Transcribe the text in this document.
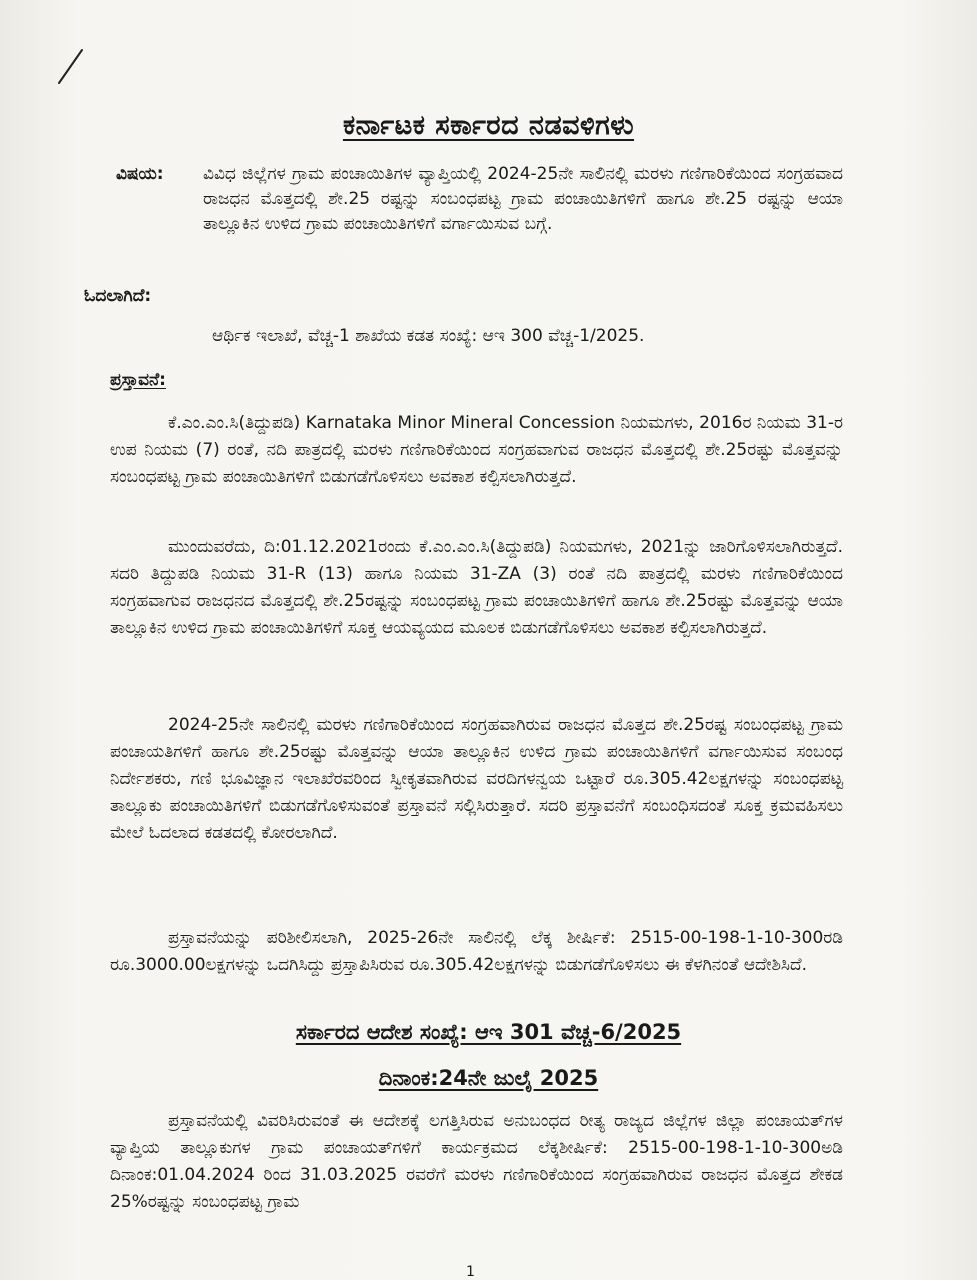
ಕರ್ನಾಟಕ ಸರ್ಕಾರದ ನಡವಳಿಗಳು
ವಿಷಯ: ವಿವಿಧ ಜಿಲ್ಲೆಗಳ ಗ್ರಾಮ ಪಂಚಾಯಿತಿಗಳ ವ್ಯಾಪ್ತಿಯಲ್ಲಿ 2024-25ನೇ ಸಾಲಿನಲ್ಲಿ ಮರಳು ಗಣಿಗಾರಿಕೆಯಿಂದ ಸಂಗ್ರಹವಾದ ರಾಜಧನ ಮೊತ್ತದಲ್ಲಿ ಶೇ.25 ರಷ್ಟನ್ನು ಸಂಬಂಧಪಟ್ಟ ಗ್ರಾಮ ಪಂಚಾಯಿತಿಗಳಿಗೆ ಹಾಗೂ ಶೇ.25 ರಷ್ಟನ್ನು ಆಯಾ ತಾಲ್ಲೂಕಿನ ಉಳಿದ ಗ್ರಾಮ ಪಂಚಾಯಿತಿಗಳಿಗೆ ವರ್ಗಾಯಿಸುವ ಬಗ್ಗೆ.
ಓದಲಾಗಿದೆ:
ಆರ್ಥಿಕ ಇಲಾಖೆ, ವೆಚ್ಚ-1 ಶಾಖೆಯ ಕಡತ ಸಂಖ್ಯೆ: ಆಇ 300 ವೆಚ್ಚ-1/2025.
ಪ್ರಸ್ತಾವನೆ:
ಕೆ.ಎಂ.ಎಂ.ಸಿ(ತಿದ್ದುಪಡಿ) Karnataka Minor Mineral Concession ನಿಯಮಗಳು, 2016ರ ನಿಯಮ 31-ರ ಉಪ ನಿಯಮ (7) ರಂತೆ, ನದಿ ಪಾತ್ರದಲ್ಲಿ ಮರಳು ಗಣಿಗಾರಿಕೆಯಿಂದ ಸಂಗ್ರಹವಾಗುವ ರಾಜಧನ ಮೊತ್ತದಲ್ಲಿ ಶೇ.25ರಷ್ಟು ಮೊತ್ತವನ್ನು ಸಂಬಂಧಪಟ್ಟ ಗ್ರಾಮ ಪಂಚಾಯಿತಿಗಳಿಗೆ ಬಿಡುಗಡೆಗೊಳಿಸಲು ಅವಕಾಶ ಕಲ್ಪಿಸಲಾಗಿರುತ್ತದೆ.
ಮುಂದುವರೆದು, ದಿ:01.12.2021ರಂದು ಕೆ.ಎಂ.ಎಂ.ಸಿ(ತಿದ್ದುಪಡಿ) ನಿಯಮಗಳು, 2021ನ್ನು ಜಾರಿಗೊಳಿಸಲಾಗಿರುತ್ತದೆ. ಸದರಿ ತಿದ್ದುಪಡಿ ನಿಯಮ 31-R (13) ಹಾಗೂ ನಿಯಮ 31-ZA (3) ರಂತೆ ನದಿ ಪಾತ್ರದಲ್ಲಿ ಮರಳು ಗಣಿಗಾರಿಕೆಯಿಂದ ಸಂಗ್ರಹವಾಗುವ ರಾಜಧನದ ಮೊತ್ತದಲ್ಲಿ ಶೇ.25ರಷ್ಟನ್ನು ಸಂಬಂಧಪಟ್ಟ ಗ್ರಾಮ ಪಂಚಾಯಿತಿಗಳಿಗೆ ಹಾಗೂ ಶೇ.25ರಷ್ಟು ಮೊತ್ತವನ್ನು ಆಯಾ ತಾಲ್ಲೂಕಿನ ಉಳಿದ ಗ್ರಾಮ ಪಂಚಾಯಿತಿಗಳಿಗೆ ಸೂಕ್ತ ಆಯವ್ಯಯದ ಮೂಲಕ ಬಿಡುಗಡೆಗೊಳಿಸಲು ಅವಕಾಶ ಕಲ್ಪಿಸಲಾಗಿರುತ್ತದೆ.
2024-25ನೇ ಸಾಲಿನಲ್ಲಿ ಮರಳು ಗಣಿಗಾರಿಕೆಯಿಂದ ಸಂಗ್ರಹವಾಗಿರುವ ರಾಜಧನ ಮೊತ್ತದ ಶೇ.25ರಷ್ಟ ಸಂಬಂಧಪಟ್ಟ ಗ್ರಾಮ ಪಂಚಾಯತಿಗಳಿಗೆ ಹಾಗೂ ಶೇ.25ರಷ್ಟು ಮೊತ್ತವನ್ನು ಆಯಾ ತಾಲ್ಲೂಕಿನ ಉಳಿದ ಗ್ರಾಮ ಪಂಚಾಯಿತಿಗಳಿಗೆ ವರ್ಗಾಯಿಸುವ ಸಂಬಂಧ ನಿರ್ದೇಶಕರು, ಗಣಿ ಭೂವಿಜ್ಞಾನ ಇಲಾಖೆರವರಿಂದ ಸ್ವೀಕೃತವಾಗಿರುವ ವರದಿಗಳನ್ವಯ ಒಟ್ಟಾರೆ ರೂ.305.42ಲಕ್ಷಗಳನ್ನು ಸಂಬಂಧಪಟ್ಟ ತಾಲ್ಲೂಕು ಪಂಚಾಯಿತಿಗಳಿಗೆ ಬಿಡುಗಡೆಗೊಳಿಸುವಂತೆ ಪ್ರಸ್ತಾವನೆ ಸಲ್ಲಿಸಿರುತ್ತಾರೆ. ಸದರಿ ಪ್ರಸ್ತಾವನೆಗೆ ಸಂಬಂಧಿಸದಂತೆ ಸೂಕ್ತ ಕ್ರಮವಹಿಸಲು ಮೇಲೆ ಓದಲಾದ ಕಡತದಲ್ಲಿ ಕೋರಲಾಗಿದೆ.
ಪ್ರಸ್ತಾವನೆಯನ್ನು ಪರಿಶೀಲಿಸಲಾಗಿ, 2025-26ನೇ ಸಾಲಿನಲ್ಲಿ ಲೆಕ್ಕ ಶೀರ್ಷಿಕೆ: 2515-00-198-1-10-300ರಡಿ ರೂ.3000.00ಲಕ್ಷಗಳನ್ನು ಒದಗಿಸಿದ್ದು ಪ್ರಸ್ತಾಪಿಸಿರುವ ರೂ.305.42ಲಕ್ಷಗಳನ್ನು ಬಿಡುಗಡೆಗೊಳಿಸಲು ಈ ಕೆಳಗಿನಂತೆ ಆದೇಶಿಸಿದೆ.
ಸರ್ಕಾರದ ಆದೇಶ ಸಂಖ್ಯೆ: ಆಇ 301 ವೆಚ್ಚ-6/2025
ದಿನಾಂಕ:24ನೇ ಜುಲೈ 2025
ಪ್ರಸ್ತಾವನೆಯಲ್ಲಿ ವಿವರಿಸಿರುವಂತೆ ಈ ಆದೇಶಕ್ಕೆ ಲಗತ್ತಿಸಿರುವ ಅನುಬಂಧದ ರೀತ್ಯ ರಾಜ್ಯದ ಜಿಲ್ಲೆಗಳ ಜಿಲ್ಲಾ ಪಂಚಾಯತ್‌ಗಳ ವ್ಯಾಪ್ತಿಯ ತಾಲ್ಲೂಕುಗಳ ಗ್ರಾಮ ಪಂಚಾಯತ್‌ಗಳಿಗೆ ಕಾರ್ಯಕ್ರಮದ ಲೆಕ್ಕಶೀರ್ಷಿಕೆ: 2515-00-198-1-10-300ಅಡಿ ದಿನಾಂಕ:01.04.2024 ರಿಂದ 31.03.2025 ರವರೆಗೆ ಮರಳು ಗಣಿಗಾರಿಕೆಯಿಂದ ಸಂಗ್ರಹವಾಗಿರುವ ರಾಜಧನ ಮೊತ್ತದ ಶೇಕಡ 25%ರಷ್ಟನ್ನು ಸಂಬಂಧಪಟ್ಟ ಗ್ರಾಮ
1
